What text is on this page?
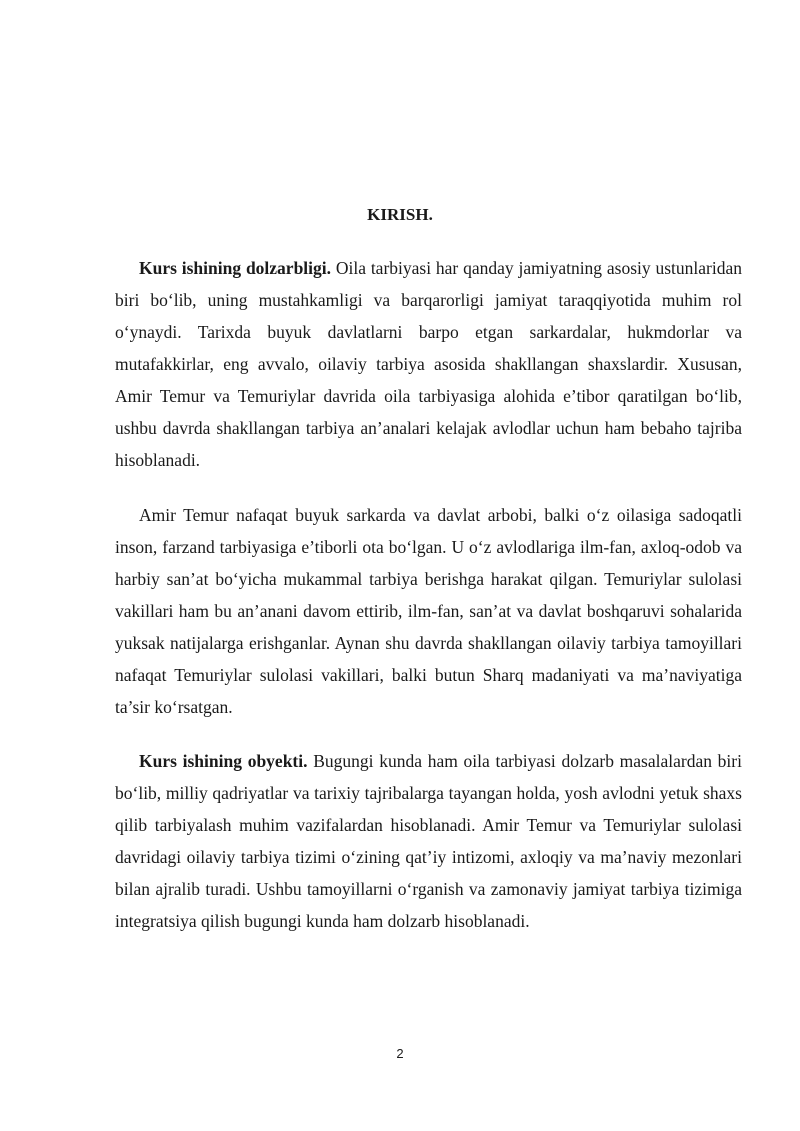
KIRISH.

Kurs ishining dolzarbligi. Oila tarbiyasi har qanday jamiyatning asosiy ustunlaridan biri bo‘lib, uning mustahkamligi va barqarorligi jamiyat taraqqiyotida muhim rol o‘ynaydi. Tarixda buyuk davlatlarni barpo etgan sarkardalar, hukmdorlar va mutafakkirlar, eng avvalo, oilaviy tarbiya asosida shakllangan shaxslardir. Xususan, Amir Temur va Temuriylar davrida oila tarbiyasiga alohida e’tibor qaratilgan bo‘lib, ushbu davrda shakllangan tarbiya an’analari kelajak avlodlar uchun ham bebaho tajriba hisoblanadi.

Amir Temur nafaqat buyuk sarkarda va davlat arbobi, balki o‘z oilasiga sadoqatli inson, farzand tarbiyasiga e’tiborli ota bo‘lgan. U o‘z avlodlariga ilm-fan, axloq-odob va harbiy san’at bo‘yicha mukammal tarbiya berishga harakat qilgan. Temuriylar sulolasi vakillari ham bu an’anani davom ettirib, ilm-fan, san’at va davlat boshqaruvi sohalarida yuksak natijalarga erishganlar. Aynan shu davrda shakllangan oilaviy tarbiya tamoyillari nafaqat Temuriylar sulolasi vakillari, balki butun Sharq madaniyati va ma’naviyatiga ta’sir ko‘rsatgan.

Kurs ishining obyekti. Bugungi kunda ham oila tarbiyasi dolzarb masalalardan biri bo‘lib, milliy qadriyatlar va tarixiy tajribalarga tayangan holda, yosh avlodni yetuk shaxs qilib tarbiyalash muhim vazifalardan hisoblanadi. Amir Temur va Temuriylar sulolasi davridagi oilaviy tarbiya tizimi o‘zining qat’iy intizomi, axloqiy va ma’naviy mezonlari bilan ajralib turadi. Ushbu tamoyillarni o‘rganish va zamonaviy jamiyat tarbiya tizimiga integratsiya qilish bugungi kunda ham dolzarb hisoblanadi.

2
